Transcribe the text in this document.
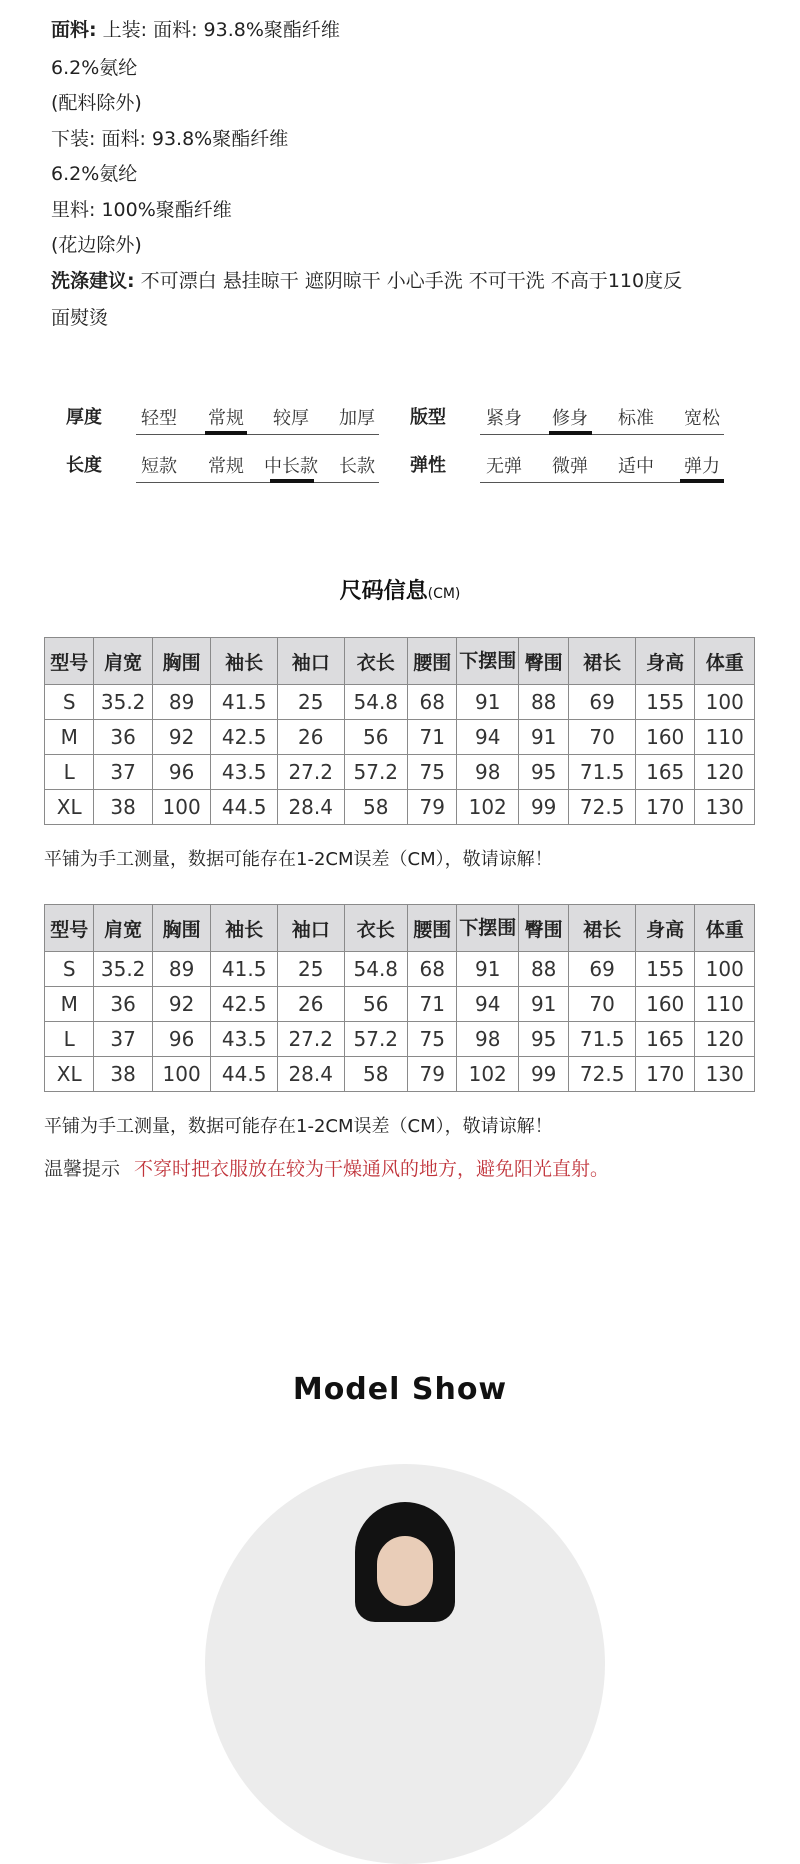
面料: 上装: 面料: 93.8%聚酯纤维
6.2%氨纶
(配料除外)
下装: 面料: 93.8%聚酯纤维
6.2%氨纶
里料: 100%聚酯纤维
(花边除外)
洗涤建议: 不可漂白 悬挂晾干 遮阴晾干 小心手洗 不可干洗 不高于110度反
面熨烫
厚度	轻型	常规	较厚	加厚	版型	紧身	修身	标准	宽松
长度	短款	常规	中长款	长款	弹性	无弹	微弹	适中	弹力
尺码信息(CM)
型号	肩宽	胸围	袖长	袖口	衣长	腰围	下摆围	臀围	裙长	身高	体重
S	35.2	89	41.5	25	54.8	68	91	88	69	155	100
M	36	92	42.5	26	56	71	94	91	70	160	110
L	37	96	43.5	27.2	57.2	75	98	95	71.5	165	120
XL	38	100	44.5	28.4	58	79	102	99	72.5	170	130
平铺为手工测量，数据可能存在1-2CM误差（CM），敬请谅解！
型号	肩宽	胸围	袖长	袖口	衣长	腰围	下摆围	臀围	裙长	身高	体重
S	35.2	89	41.5	25	54.8	68	91	88	69	155	100
M	36	92	42.5	26	56	71	94	91	70	160	110
L	37	96	43.5	27.2	57.2	75	98	95	71.5	165	120
XL	38	100	44.5	28.4	58	79	102	99	72.5	170	130
平铺为手工测量，数据可能存在1-2CM误差（CM），敬请谅解！
温馨提示 不穿时把衣服放在较为干燥通风的地方，避免阳光直射。
Model Show
